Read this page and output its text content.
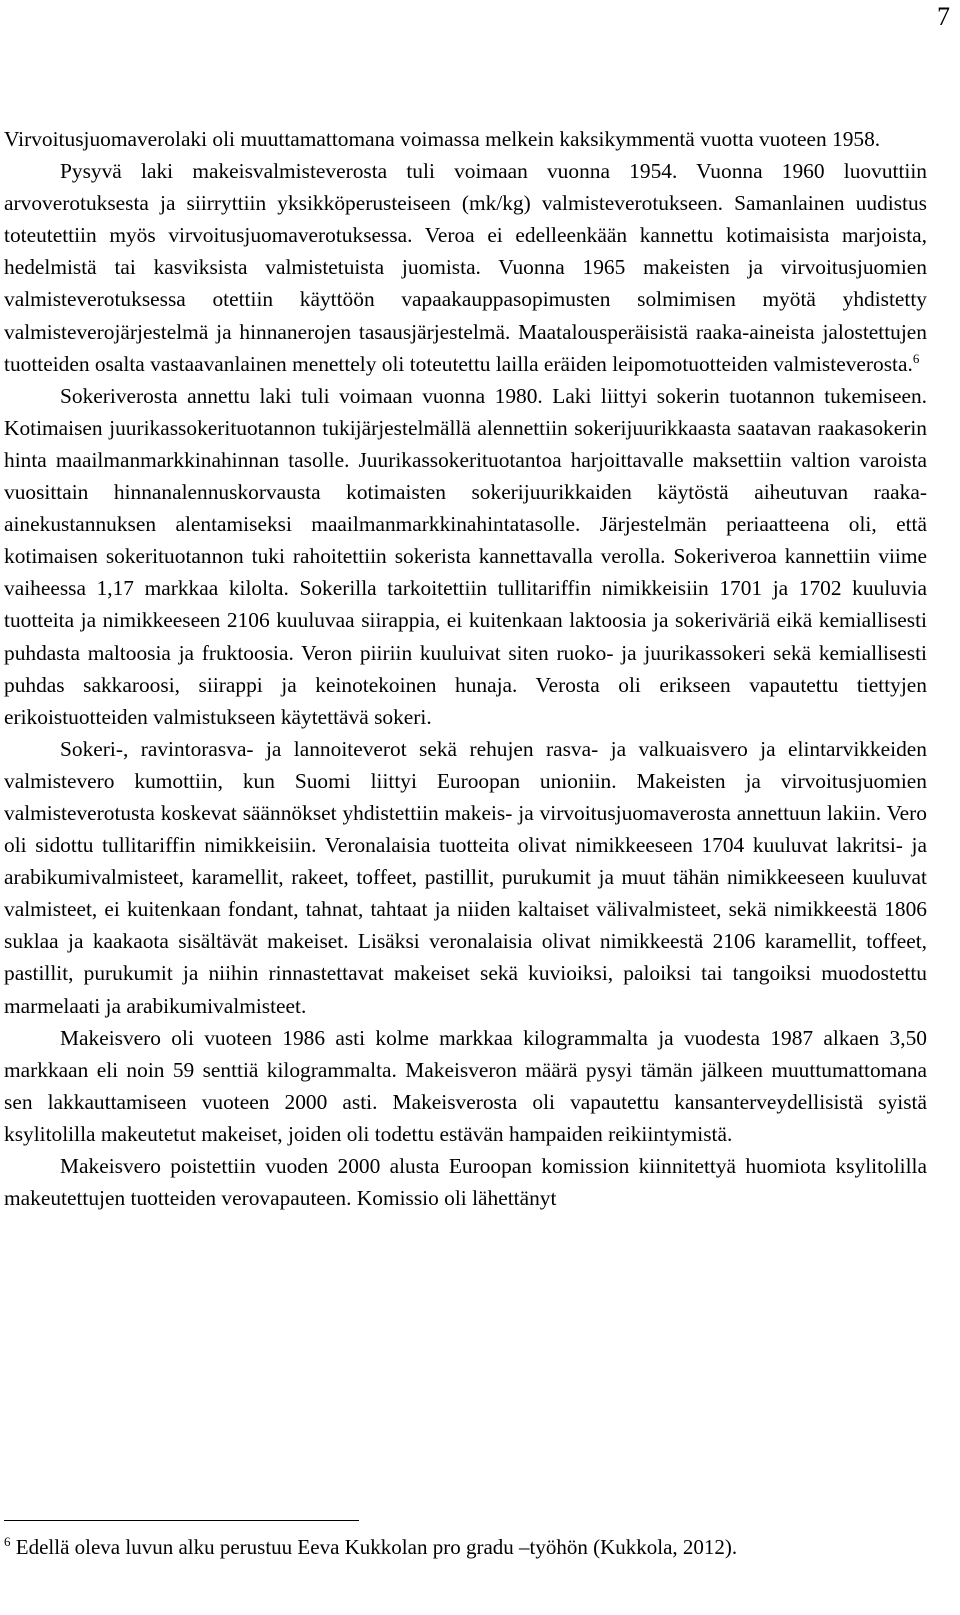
7

Virvoitusjuomaverolaki oli muuttamattomana voimassa melkein kaksikymmentä vuotta vuoteen 1958.

Pysyvä laki makeisvalmisteverosta tuli voimaan vuonna 1954. Vuonna 1960 luovuttiin arvoverotuksesta ja siirryttiin yksikköperusteiseen (mk/kg) valmisteverotukseen. Samanlainen uudistus toteutettiin myös virvoitusjuomaverotuksessa. Veroa ei edelleenkään kannettu kotimaisista marjoista, hedelmistä tai kasviksista valmistetuista juomista. Vuonna 1965 makeisten ja virvoitusjuomien valmisteverotuksessa otettiin käyttöön vapaakauppasopimusten solmimisen myötä yhdistetty valmisteverojärjestelmä ja hinnanerojen tasausjärjestelmä. Maatalousperäisistä raaka-aineista jalostettujen tuotteiden osalta vastaavanlainen menettely oli toteutettu lailla eräiden leipomotuotteiden valmisteverosta.$^6$

Sokeriverosta annettu laki tuli voimaan vuonna 1980. Laki liittyi sokerin tuotannon tukemiseen. Kotimaisen juurikassokerituotannon tukijärjestelmällä alennettiin sokerijuurikkaasta saatavan raakasokerin hinta maailmanmarkkinahinnan tasolle. Juurikassokerituotantoa harjoittavalle maksettiin valtion varoista vuosittain hinnanalennuskorvausta kotimaisten sokerijuurikkaiden käytöstä aiheutuvan raaka-ainekustannuksen alentamiseksi maailmanmarkkinahintatasolle. Järjestelmän periaatteena oli, että kotimaisen sokerituotannon tuki rahoitettiin sokerista kannettavalla verolla. Sokeriveroa kannettiin viime vaiheessa 1,17 markkaa kilolta. Sokerilla tarkoitettiin tullitariffin nimikkeisiin 1701 ja 1702 kuuluvia tuotteita ja nimikkeeseen 2106 kuuluvaa siirappia, ei kuitenkaan laktoosia ja sokeriväriä eikä kemiallisesti puhdasta maltoosia ja fruktoosia. Veron piiriin kuuluivat siten ruoko- ja juurikassokeri sekä kemiallisesti puhdas sakkaroosi, siirappi ja keinotekoinen hunaja. Verosta oli erikseen vapautettu tiettyjen erikoistuotteiden valmistukseen käytettävä sokeri.

Sokeri-, ravintorasva- ja lannoiteverot sekä rehujen rasva- ja valkuaisvero ja elintarvikkeiden valmistevero kumottiin, kun Suomi liittyi Euroopan unioniin. Makeisten ja virvoitusjuomien valmisteverotusta koskevat säännökset yhdistettiin makeis- ja virvoitusjuomaverosta annettuun lakiin. Vero oli sidottu tullitariffin nimikkeisiin. Veronalaisia tuotteita olivat nimikkeeseen 1704 kuuluvat lakritsi- ja arabikumivalmisteet, karamellit, rakeet, toffeet, pastillit, purukumit ja muut tähän nimikkeeseen kuuluvat valmisteet, ei kuitenkaan fondant, tahnat, tahtaat ja niiden kaltaiset välivalmisteet, sekä nimikkeestä 1806 suklaa ja kaakaota sisältävät makeiset. Lisäksi veronalaisia olivat nimikkeestä 2106 karamellit, toffeet, pastillit, purukumit ja niihin rinnastettavat makeiset sekä kuvioiksi, paloiksi tai tangoiksi muodostettu marmelaati ja arabikumivalmisteet.

Makeisvero oli vuoteen 1986 asti kolme markkaa kilogrammalta ja vuodesta 1987 alkaen 3,50 markkaan eli noin 59 senttiä kilogrammalta. Makeisveron määrä pysyi tämän jälkeen muuttumattomana sen lakkauttamiseen vuoteen 2000 asti. Makeisverosta oli vapautettu kansanterveydellisistä syistä ksylitolilla makeutetut makeiset, joiden oli todettu estävän hampaiden reikiintymistä.

Makeisvero poistettiin vuoden 2000 alusta Euroopan komission kiinnitettyä huomiota ksylitolilla makeutettujen tuotteiden verovapauteen. Komissio oli lähettänyt

$^6$ Edellä oleva luvun alku perustuu Eeva Kukkolan pro gradu –työhön (Kukkola, 2012).
